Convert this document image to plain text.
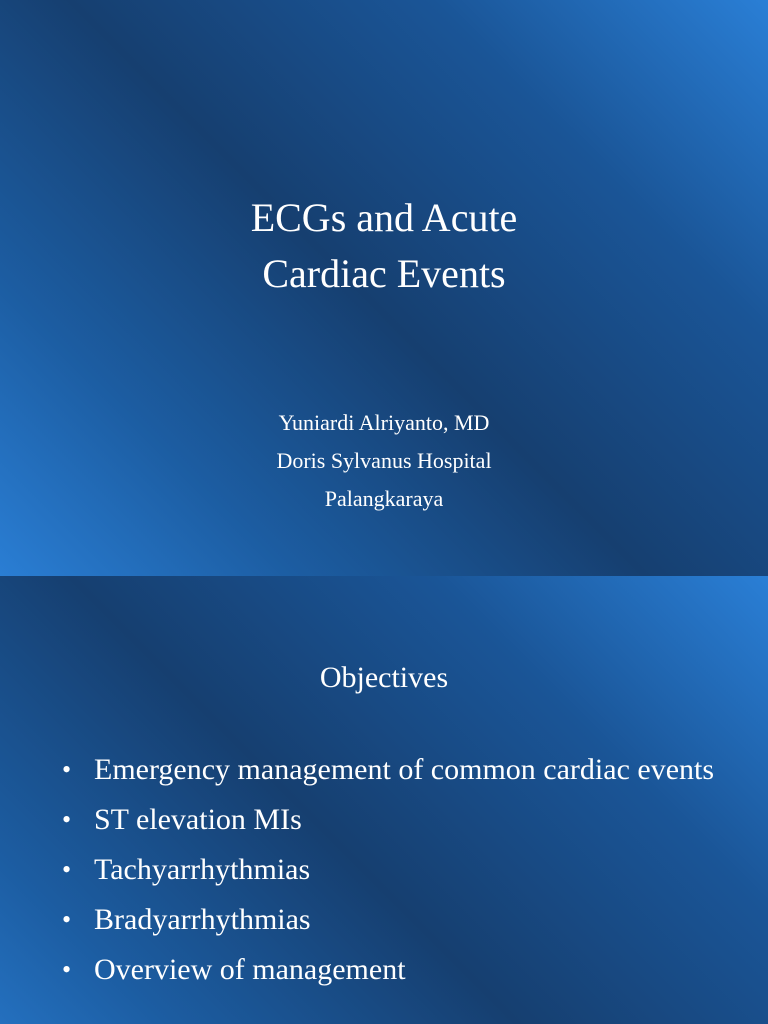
ECGs and Acute
Cardiac Events
Yuniardi Alriyanto, MD
Doris Sylvanus Hospital
Palangkaraya
Objectives
• Emergency management of common cardiac events
• ST elevation MIs
• Tachyarrhythmias
• Bradyarrhythmias
• Overview of management
